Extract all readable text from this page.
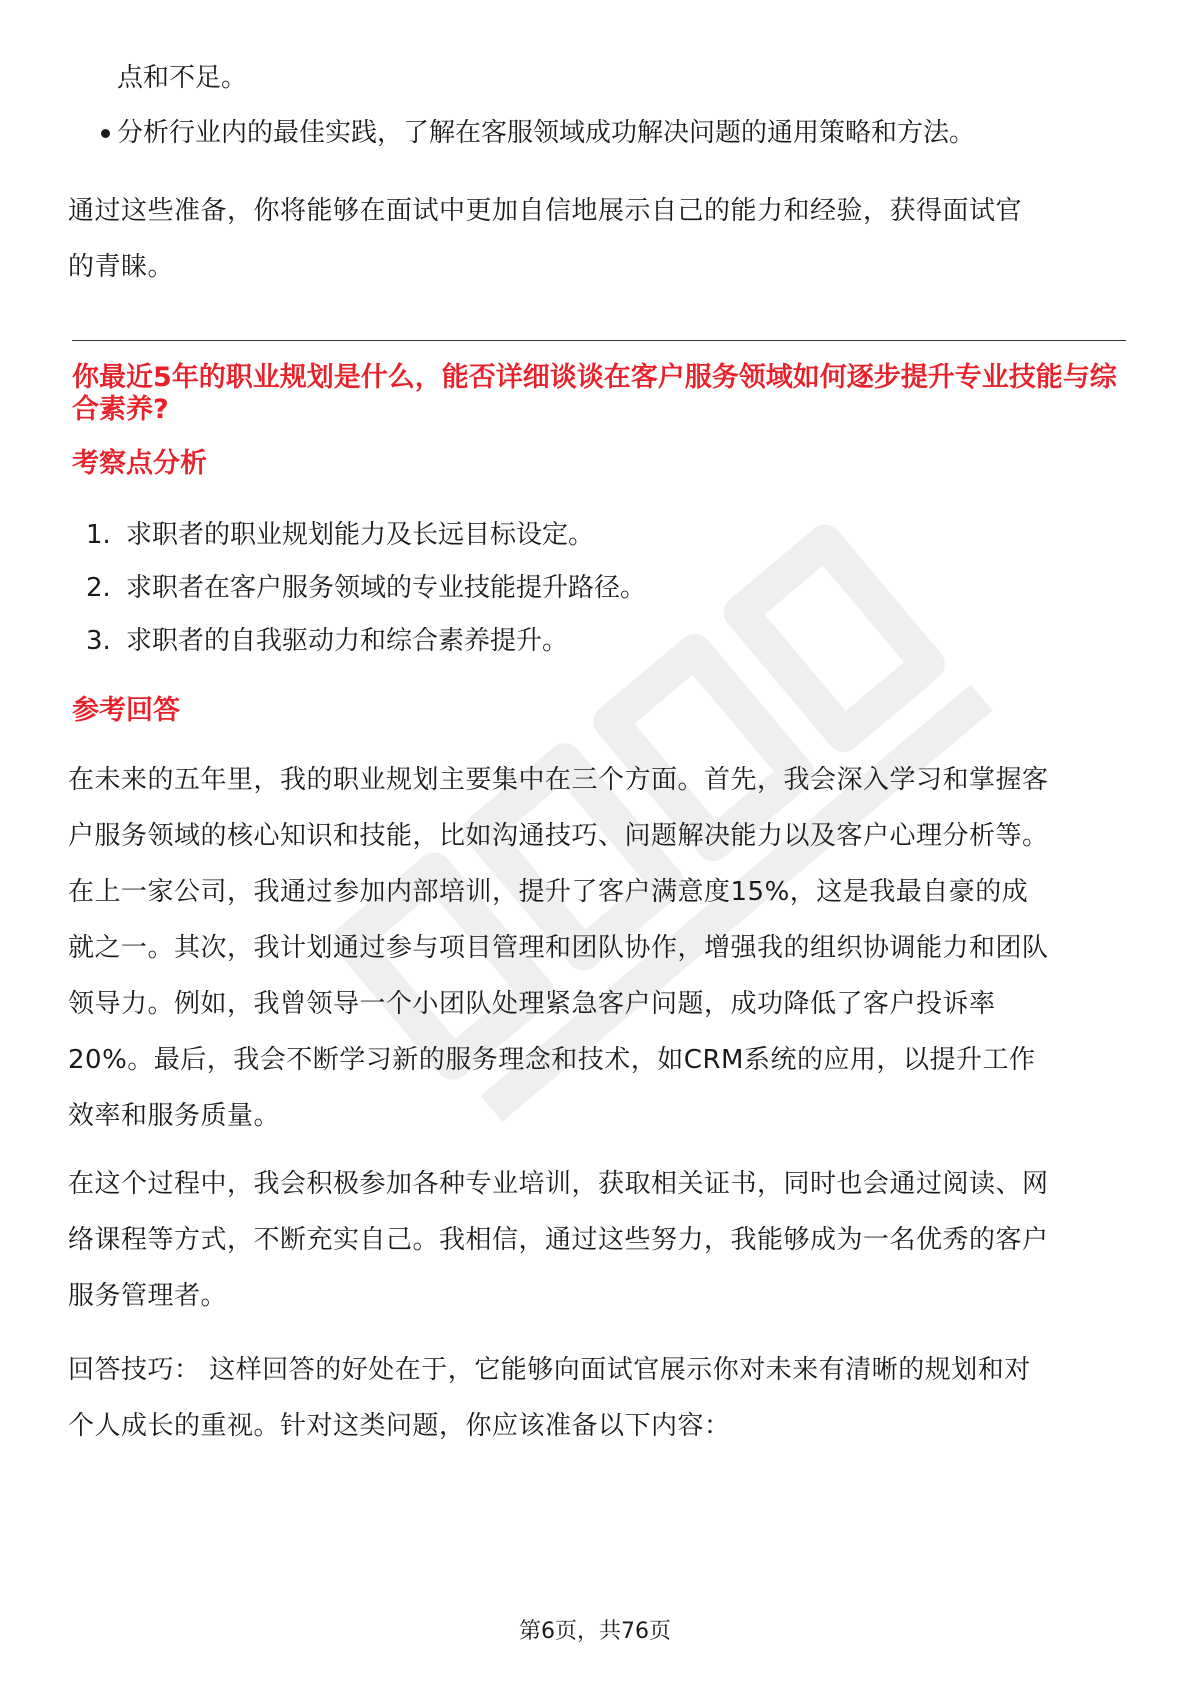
点和不足。
分析行业内的最佳实践，了解在客服领域成功解决问题的通用策略和方法。
通过这些准备，你将能够在面试中更加自信地展示自己的能力和经验，获得面试官的青睐。
你最近5年的职业规划是什么，能否详细谈谈在客户服务领域如何逐步提升专业技能与综合素养?
考察点分析
1. 求职者的职业规划能力及长远目标设定。
2. 求职者在客户服务领域的专业技能提升路径。
3. 求职者的自我驱动力和综合素养提升。
参考回答
在未来的五年里，我的职业规划主要集中在三个方面。首先，我会深入学习和掌握客户服务领域的核心知识和技能，比如沟通技巧、问题解决能力以及客户心理分析等。在上一家公司，我通过参加内部培训，提升了客户满意度15%，这是我最自豪的成就之一。其次，我计划通过参与项目管理和团队协作，增强我的组织协调能力和团队领导力。例如，我曾领导一个小团队处理紧急客户问题，成功降低了客户投诉率20%。最后，我会不断学习新的服务理念和技术，如CRM系统的应用，以提升工作效率和服务质量。
在这个过程中，我会积极参加各种专业培训，获取相关证书，同时也会通过阅读、网络课程等方式，不断充实自己。我相信，通过这些努力，我能够成为一名优秀的客户服务管理者。
回答技巧： 这样回答的好处在于，它能够向面试官展示你对未来有清晰的规划和对个人成长的重视。针对这类问题，你应该准备以下内容：
第6页，共76页
